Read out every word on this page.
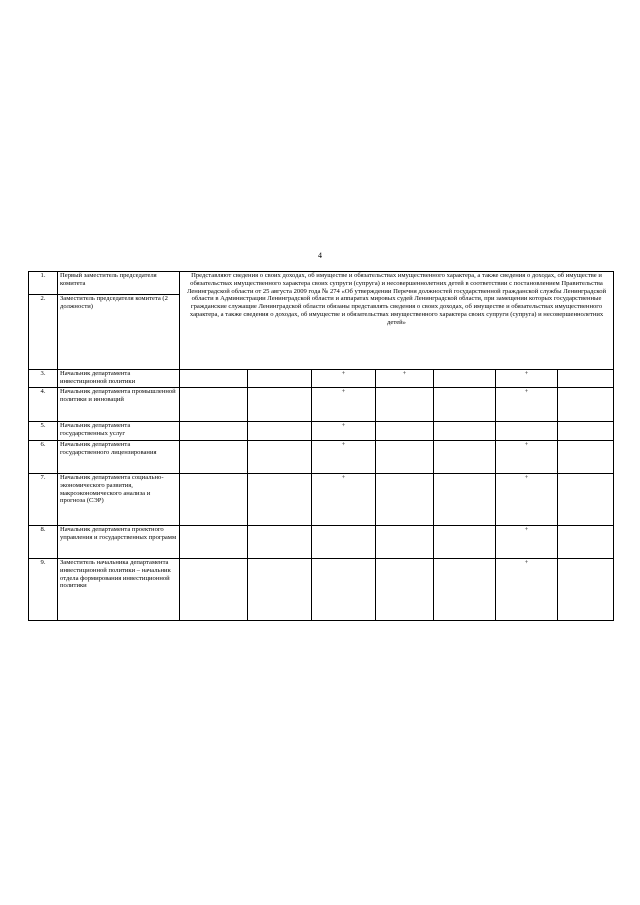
4
1.	Первый заместитель председателя комитета	Представляют сведения о своих доходах, об имуществе и обязательствах имущественного характера, а также сведения о доходах, об имуществе и обязательствах имущественного характера своих супруги (супруга) и несовершеннолетних детей в соответствии с постановлением Правительства Ленинградской области от 25 августа 2009 года № 274 «Об утверждении Перечня должностей государственной гражданской службы Ленинградской области в Администрации Ленинградской области и аппаратах мировых судей Ленинградской области, при замещении которых государственные гражданские служащие Ленинградской области обязаны представлять сведения о своих доходах, об имуществе и обязательствах имущественного характера, а также сведения о доходах, об имуществе и обязательствах имущественного характера своих супруги (супруга) и несовершеннолетних детей»						
2.	Заместитель председателя комитета (2 должности)							
3.	Начальник департамента инвестиционной политики			+	+		+	
4.	Начальник департамента промышленной политики и инноваций			+			+	
5.	Начальник департамента государственных услуг			+				
6.	Начальник департамента государственного лицензирования			+			+	
7.	Начальник департамента социально-экономического развития, макроэкономического анализа и прогноза (СЭР)			+			+	
8.	Начальник департамента проектного управления и государственных программ						+	
9.	Заместитель начальника департамента инвестиционной политики – начальник отдела формирования инвестиционной политики						+	
